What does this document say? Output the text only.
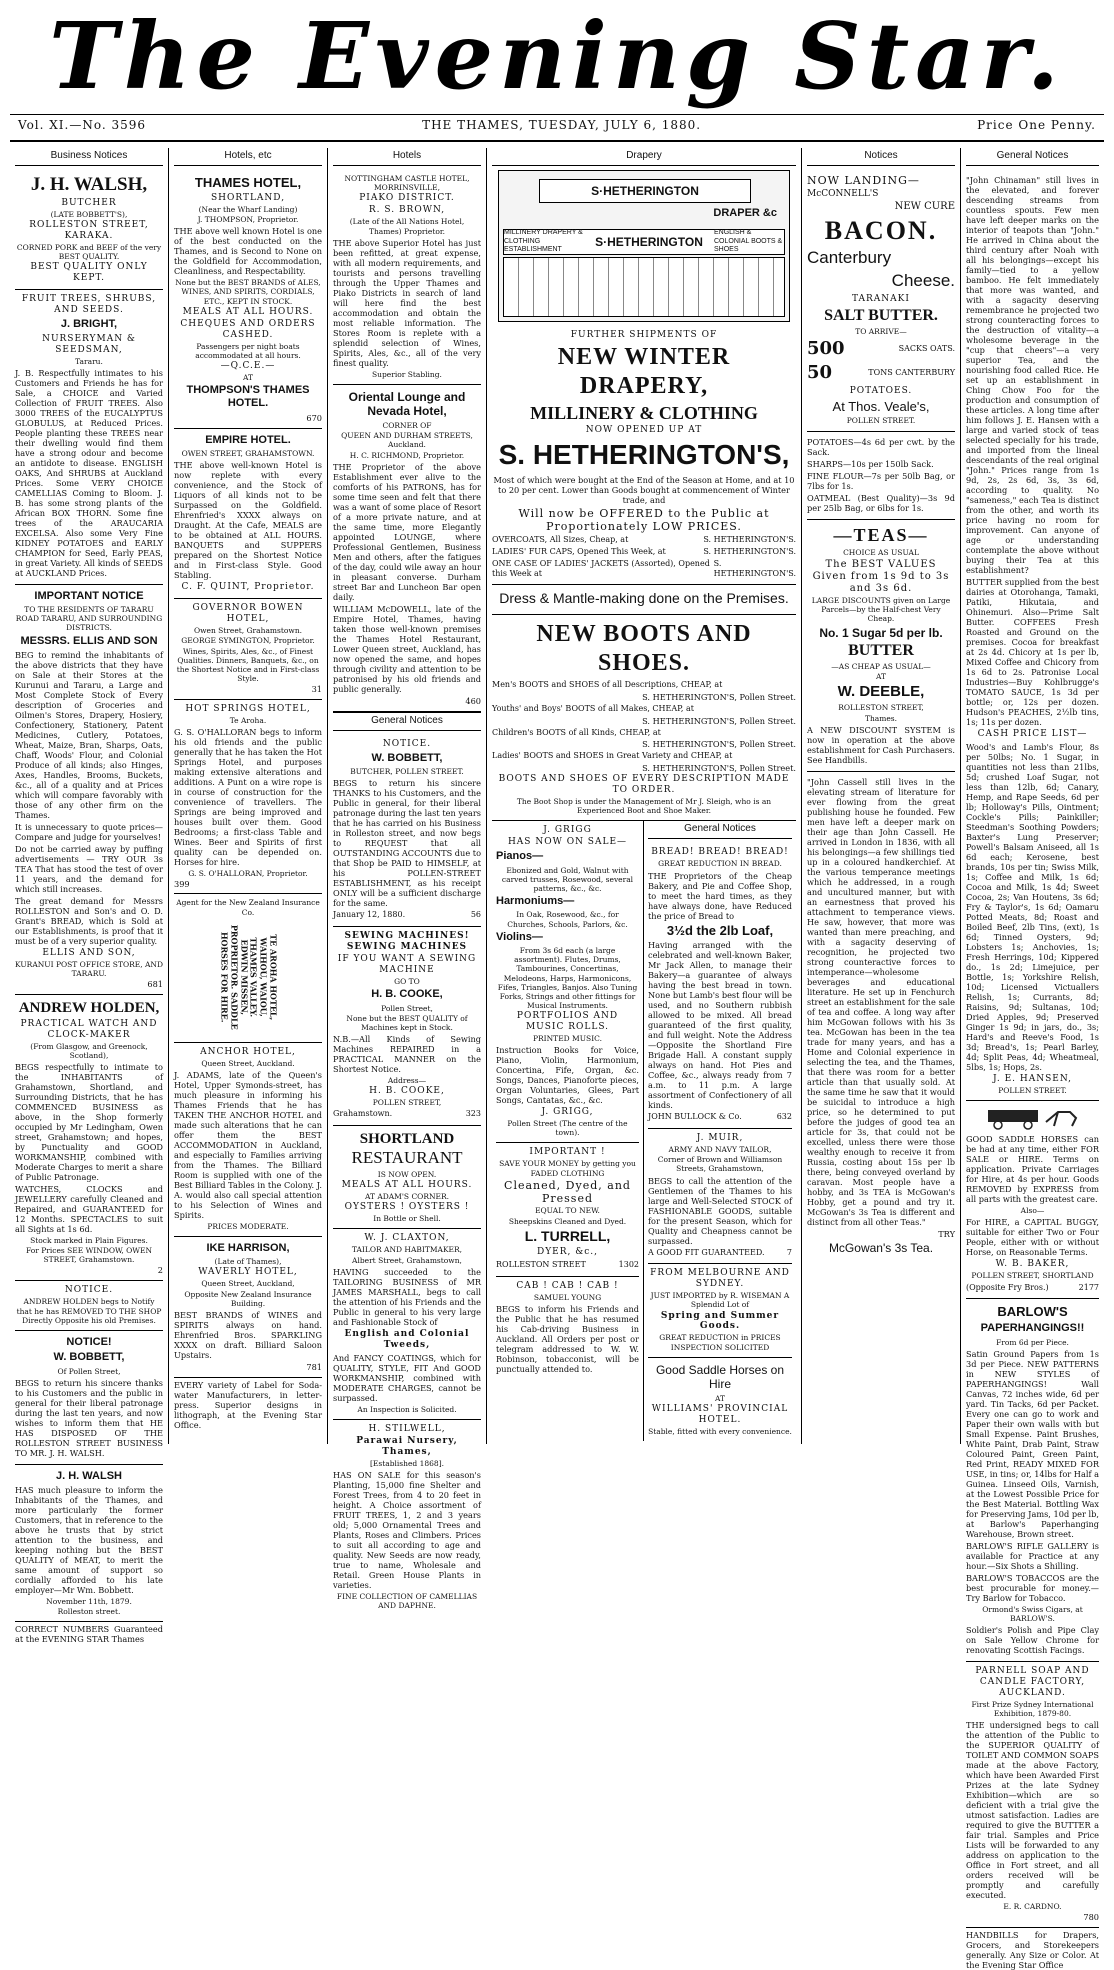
The Evening Star.
Vol. XI.—No. 3596	THE THAMES, TUESDAY, JULY 6, 1880.	Price One Penny.
Business Notices
J. H. WALSH,
BUTCHER
(LATE BOBBETT'S),
ROLLESTON STREET, KARAKA.
CORNED PORK and BEEF of the very BEST QUALITY.
BEST QUALITY ONLY KEPT.
FRUIT TREES, SHRUBS, AND SEEDS.
J. BRIGHT,
NURSERYMAN & SEEDSMAN,
Tararu.
J. B. Respectfully intimates to his Customers and Friends he has for Sale, a CHOICE and Varied Collection of FRUIT TREES. Also 3000 TREES of the EUCALYPTUS GLOBULUS, at Reduced Prices. People planting these TREES near their dwelling would find them have a strong odour and become an antidote to disease. ENGLISH OAKS, And SHRUBS at Auckland Prices. Some VERY CHOICE CAMELLIAS Coming to Bloom. J. B. has some strong plants of the African BOX THORN. Some fine trees of the ARAUCARIA EXCELSA. Also some Very Fine KIDNEY POTATOES and EARLY CHAMPION for Seed, Early PEAS, in great Variety. All kinds of SEEDS at AUCKLAND Prices.
IMPORTANT NOTICE
TO THE RESIDENTS OF TARARU ROAD TARARU, AND SURROUNDING DISTRICTS.
MESSRS. ELLIS AND SON
BEG to remind the inhabitants of the above districts that they have on Sale at their Stores at the Kurunui and Tararu, a Large and Most Complete Stock of Every description of Groceries and Oilmen's Stores, Drapery, Hosiery, Confectionery, Stationery, Patent Medicines, Cutlery, Potatoes, Wheat, Maize, Bran, Sharps, Oats, Chaff, Woods' Flour, and Colonial Produce of all kinds; also Hinges, Axes, Handles, Brooms, Buckets, &c., all of a quality and at Prices which will compare favorably with those of any other firm on the Thames.
It is unnecessary to quote prices—Compare and judge for yourselves!
Do not be carried away by puffing advertisements — TRY OUR 3s TEA That has stood the test of over 11 years, and the demand for which still increases.
The great demand for Messrs ROLLESTON and Son's and O. D. Grant's BREAD, which is Sold at our Establishments, is proof that it must be of a very superior quality.
ELLIS AND SON,
KURANUI POST OFFICE STORE, AND TARARU.
681
ANDREW HOLDEN,
PRACTICAL WATCH AND CLOCK-MAKER
(From Glasgow, and Greenock, Scotland),
BEGS respectfully to intimate to the INHABITANTS of Grahamstown, Shortland, and Surrounding Districts, that he has COMMENCED BUSINESS as above, in the Shop formerly occupied by Mr Ledingham, Owen street, Grahamstown; and hopes, by Punctuality and GOOD WORKMANSHIP, combined with Moderate Charges to merit a share of Public Patronage.
WATCHES, CLOCKS and JEWELLERY carefully Cleaned and Repaired, and GUARANTEED for 12 Months. SPECTACLES to suit all Sights at 1s 6d.
Stock marked in Plain Figures.
For Prices SEE WINDOW, OWEN STREET, Grahamstown.
2
NOTICE.
ANDREW HOLDEN begs to Notify that he has REMOVED TO THE SHOP Directly Opposite his old Premises.
NOTICE!
W. BOBBETT,
Of Pollen Street,
BEGS to return his sincere thanks to his Customers and the public in general for their liberal patronage during the last ten years, and now wishes to inform them that HE HAS DISPOSED OF THE ROLLESTON STREET BUSINESS TO MR. J. H. WALSH.
J. H. WALSH
HAS much pleasure to inform the Inhabitants of the Thames, and more particularly the former Customers, that in reference to the above he trusts that by strict attention to the business, and keeping nothing but the BEST QUALITY of MEAT, to merit the same amount of support so cordially afforded to his late employer—Mr Wm. Bobbett.
November 11th, 1879.
Rolleston street.
CORRECT NUMBERS Guaranteed at the EVENING STAR Thames
Hotels, etc
THAMES HOTEL,
SHORTLAND,
(Near the Wharf Landing)
J. THOMPSON, Proprietor.
THE above well known Hotel is one of the best conducted on the Thames, and is Second to None on the Goldfield for Accommodation, Cleanliness, and Respectability.
None but the BEST BRANDS of ALES, WINES, AND SPIRITS, CORDIALS, ETC., KEPT IN STOCK.
MEALS AT ALL HOURS.
CHEQUES AND ORDERS CASHED.
Passengers per night boats accommodated at all hours.
—Q.C.E.—
AT
THOMPSON'S THAMES HOTEL.
670
EMPIRE HOTEL.
OWEN STREET, GRAHAMSTOWN.
THE above well-known Hotel is now replete with every convenience, and the Stock of Liquors of all kinds not to be Surpassed on the Goldfield. Ehrenfried's XXXX always on Draught. At the Cafe, MEALS are to be obtained at ALL HOURS. BANQUETS and SUPPERS prepared on the Shortest Notice and in First-class Style. Good Stabling.
C. F. QUINT, Proprietor.
GOVERNOR BOWEN HOTEL,
Owen Street, Grahamstown.
GEORGE SYMINGTON, Proprietor.
Wines, Spirits, Ales, &c., of Finest Qualities. Dinners, Banquets, &c., on the Shortest Notice and in First-class Style.
31
HOT SPRINGS HOTEL,
Te Aroha.
G. S. O'HALLORAN begs to inform his old friends and the public generally that he has taken the Hot Springs Hotel, and purposes making extensive alterations and additions. A Punt on a wire rope is in course of construction for the convenience of travellers. The Springs are being improved and houses built over them. Good Bedrooms; a first-class Table and Wines. Beer and Spirits of first quality can be depended on. Horses for hire.
G. S. O'HALLORAN, Proprietor.
399
Agent for the New Zealand Insurance Co.
TE AROHA HOTEL, WAIHOU, WAIOU, THAMES VALLEY. EDWIN MISSEN, PROPRIETOR. SADDLE HORSES FOR HIRE.
ANCHOR HOTEL,
Queen Street, Auckland.
J. ADAMS, late of the Queen's Hotel, Upper Symonds-street, has much pleasure in informing his Thames Friends that he has TAKEN THE ANCHOR HOTEL and made such alterations that he can offer them the BEST ACCOMMODATION in Auckland, and especially to Families arriving from the Thames. The Billiard Room is supplied with one of the Best Billiard Tables in the Colony. J. A. would also call special attention to his Selection of Wines and Spirits.
PRICES MODERATE.
IKE HARRISON,
(Late of Thames),
WAVERLY HOTEL,
Queen Street, Auckland,
Opposite New Zealand Insurance Building.
BEST BRANDS of WINES and SPIRITS always on hand. Ehrenfried Bros. SPARKLING XXXX on draft. Billiard Saloon Upstairs.
781
EVERY variety of Label for Soda-water Manufacturers, in letter-press. Superior designs in lithograph, at the Evening Star Office.
Hotels
NOTTINGHAM CASTLE HOTEL, MORRINSVILLE,
PIAKO DISTRICT.
R. S. BROWN,
(Late of the All Nations Hotel, Thames) Proprietor.
THE above Superior Hotel has just been refitted, at great expense, with all modern requirements, and tourists and persons travelling through the Upper Thames and Piako Districts in search of land will here find the best accommodation and obtain the most reliable information. The Stores Room is replete with a splendid selection of Wines, Spirits, Ales, &c., all of the very finest quality.
Superior Stabling.
Oriental Lounge and Nevada Hotel,
CORNER OF
QUEEN AND DURHAM STREETS, Auckland.
H. C. RICHMOND, Proprietor.
THE Proprietor of the above Establishment ever alive to the comforts of his PATRONS, has for some time seen and felt that there was a want of some place of Resort of a more private nature, and at the same time, more Elegantly appointed LOUNGE, where Professional Gentlemen, Business Men and others, after the fatigues of the day, could wile away an hour in pleasant converse. Durham street Bar and Luncheon Bar open daily.
WILLIAM McDOWELL, late of the Empire Hotel, Thames, having taken those well-known premises the Thames Hotel Restaurant, Lower Queen street, Auckland, has now opened the same, and hopes through civility and attention to be patronised by his old friends and public generally.
460
General Notices
NOTICE.
W. BOBBETT,
BUTCHER, POLLEN STREET.
BEGS to return his sincere THANKS to his Customers, and the Public in general, for their liberal patronage during the last ten years that he has carried on his Business in Rolleston street, and now begs to REQUEST that all OUTSTANDING ACCOUNTS due to that Shop be PAID to HIMSELF, at his POLLEN-STREET ESTABLISHMENT, as his receipt ONLY will be a sufficient discharge for the same.
January 12, 1880.	56
SEWING MACHINES! SEWING MACHINES
IF YOU WANT A SEWING MACHINE
GO TO
H. B. COOKE,
Pollen Street,
None but the BEST QUALITY of Machines kept in Stock.
N.B.—All Kinds of Sewing Machines REPAIRED in a PRACTICAL MANNER on the Shortest Notice.
Address—
H. B. COOKE,
POLLEN STREET,
Grahamstown.	323
SHORTLAND
RESTAURANT
IS NOW OPEN.
MEALS AT ALL HOURS.
AT ADAM'S CORNER.
OYSTERS ! OYSTERS !
In Bottle or Shell.
W. J. CLAXTON,
TAILOR AND HABITMAKER,
Albert Street, Grahamstown,
HAVING succeeded to the TAILORING BUSINESS of MR JAMES MARSHALL, begs to call the attention of his Friends and the Public in general to his very large and Fashionable Stock of
English and Colonial Tweeds,
And FANCY COATINGS, which for QUALITY, STYLE, FIT And GOOD WORKMANSHIP, combined with MODERATE CHARGES, cannot be surpassed.
An Inspection is Solicited.
H. STILWELL,
Parawai Nursery, Thames,
[Established 1868].
HAS ON SALE for this season's Planting, 15,000 fine Shelter and Forest Trees, from 4 to 20 feet in height. A Choice assortment of FRUIT TREES, 1, 2 and 3 years old; 5,000 Ornamental Trees and Plants, Roses and Climbers. Prices to suit all according to age and quality. New Seeds are now ready, true to name, Wholesale and Retail. Green House Plants in varieties.
FINE COLLECTION OF CAMELLIAS AND DAPHNE.
Drapery
S·HETHERINGTON
DRAPER &c
MILLINERY DRAPERY & CLOTHING ESTABLISHMENT
S·HETHERINGTON
ENGLISH & COLONIAL BOOTS & SHOES
FURTHER SHIPMENTS OF
NEW WINTER DRAPERY,
MILLINERY & CLOTHING
NOW OPENED UP AT
S. HETHERINGTON'S,
Most of which were bought at the End of the Season at Home, and at 10 to 20 per cent. Lower than Goods bought at commencement of Winter trade, and
Will now be OFFERED to the Public at Proportionately LOW PRICES.
OVERCOATS, All Sizes, Cheap, at	S. HETHERINGTON'S.
LADIES' FUR CAPS, Opened This Week, at	S. HETHERINGTON'S.
ONE CASE OF LADIES' JACKETS (Assorted), Opened this Week at
S. HETHERINGTON'S.
Dress & Mantle-making done on the Premises.
NEW BOOTS AND SHOES.
Men's BOOTS and SHOES of all Descriptions, CHEAP, at
S. HETHERINGTON'S, Pollen Street.
Youths' and Boys' BOOTS of all Makes, CHEAP, at
S. HETHERINGTON'S, Pollen Street.
Children's BOOTS of all Kinds, CHEAP, at
S. HETHERINGTON'S, Pollen Street.
Ladies' BOOTS and SHOES in Great Variety and CHEAP, at
S. HETHERINGTON'S, Pollen Street.
BOOTS AND SHOES OF EVERY DESCRIPTION MADE TO ORDER.
The Boot Shop is under the Management of Mr J. Sleigh, who is an Experienced Boot and Shoe Maker.
J. GRIGG
HAS NOW ON SALE—
Pianos—
Ebonized and Gold, Walnut with carved trusses, Rosewood, several patterns, &c., &c.
Harmoniums—
In Oak, Rosewood, &c., for Churches, Schools, Parlors, &c.
Violins—
From 3s 6d each (a large assortment). Flutes, Drums, Tambourines, Concertinas, Melodeons, Harps, Harmonicons, Fifes, Triangles, Banjos. Also Tuning Forks, Strings and other fittings for Musical Instruments.
PORTFOLIOS AND MUSIC ROLLS.
PRINTED MUSIC.
Instruction Books for Voice, Piano, Violin, Harmonium, Concertina, Fife, Organ, &c. Songs, Dances, Pianoforte pieces, Organ Voluntaries, Glees, Part Songs, Cantatas, &c., &c.
J. GRIGG,
Pollen Street (The centre of the town).
IMPORTANT !
SAVE YOUR MONEY by getting you FADED CLOTHING
Cleaned, Dyed, and Pressed
EQUAL TO NEW.
Sheepskins Cleaned and Dyed.
L. TURRELL,
DYER, &c.,
ROLLESTON STREET	1302
CAB ! CAB ! CAB !
SAMUEL YOUNG
BEGS to inform his Friends and the Public that he has resumed his Cab-driving Business in Auckland. All Orders per post or telegram addressed to W. W. Robinson, tobacconist, will be punctually attended to.
General Notices
BREAD! BREAD! BREAD!
GREAT REDUCTION IN BREAD.
THE Proprietors of the Cheap Bakery, and Pie and Coffee Shop, to meet the hard times, as they have always done, have Reduced the price of Bread to
3½d the 2lb Loaf,
Having arranged with the celebrated and well-known Baker, Mr Jack Allen, to manage their Bakery—a guarantee of always having the best bread in town. None but Lamb's best flour will be used, and no Southern rubbish allowed to be mixed. All bread guaranteed of the first quality, and full weight. Note the Address—Opposite the Shortland Fire Brigade Hall. A constant supply always on hand. Hot Pies and Coffee, &c., always ready from 7 a.m. to 11 p.m. A large assortment of Confectionery of all kinds.
JOHN BULLOCK & Co.	632
J. MUIR,
ARMY AND NAVY TAILOR,
Corner of Brown and Williamson Streets, Grahamstown,
BEGS to call the attention of the Gentlemen of the Thames to his large and Well-Selected STOCK of FASHIONABLE GOODS, suitable for the present Season, which for Quality and Cheapness cannot be surpassed.
A GOOD FIT GUARANTEED.	7
FROM MELBOURNE AND SYDNEY.
JUST IMPORTED by R. WISEMAN A Splendid Lot of
Spring and Summer Goods.
GREAT REDUCTION in PRICES INSPECTION SOLICITED
Good Saddle Horses on Hire
AT
WILLIAMS' PROVINCIAL HOTEL.
Stable, fitted with every convenience.
Notices
NOW LANDING—
McCONNELL'S
NEW CURE
BACON.
Canterbury
Cheese.
TARANAKI
SALT BUTTER.
TO ARRIVE—
500	SACKS OATS.
50	TONS CANTERBURY
POTATOES.
At Thos. Veale's,
POLLEN STREET.
POTATOES—4s 6d per cwt. by the Sack.
SHARPS—10s per 150lb Sack.
FINE FLOUR—7s per 50lb Bag, or 7lbs for 1s.
OATMEAL (Best Quality)—3s 9d per 25lb Bag, or 6lbs for 1s.
—TEAS—
CHOICE AS USUAL
The BEST VALUES Given from 1s 9d to 3s and 3s 6d.
LARGE DISCOUNTS given on Large Parcels—by the Half-chest Very Cheap.
No. 1 Sugar 5d per lb.
BUTTER
—AS CHEAP AS USUAL—
AT
W. DEEBLE,
ROLLESTON STREET,
Thames.
A NEW DISCOUNT SYSTEM is now in operation at the above establishment for Cash Purchasers. See Handbills.
"John Cassell still lives in the elevating stream of literature for ever flowing from the great publishing house he founded. Few men have left a deeper mark on their age than John Cassell. He arrived in London in 1836, with all his belongings—a few shillings tied up in a coloured handkerchief. At the various temperance meetings which he addressed, in a rough and uncultured manner, but with an earnestness that proved his attachment to temperance views. He saw, however, that more was wanted than mere preaching, and with a sagacity deserving of recognition, he projected two strong counteractive forces to intemperance—wholesome beverages and educational literature. He set up in Fenchurch street an establishment for the sale of tea and coffee. A long way after him McGowan follows with his 3s tea. McGowan has been in the tea trade for many years, and has a Home and Colonial experience in selecting the tea, and the Thames, that there was room for a better article than that usually sold. At the same time he saw that it would be suicidal to introduce a high price, so he determined to put before the judges of good tea an article for 3s, that could not be excelled, unless there were those wealthy enough to receive it from Russia, costing about 15s per lb there, being conveyed overland by caravan. Most people have a hobby, and 3s TEA is McGowan's Hobby, get a pound and try it. McGowan's 3s Tea is different and distinct from all other Teas."
TRY
McGowan's 3s Tea.
General Notices
"John Chinaman" still lives in the elevated, and forever descending streams from countless spouts. Few men have left deeper marks on the interior of teapots than "John." He arrived in China about the third century after Noah with all his belongings—except his family—tied to a yellow bamboo. He felt immediately that more was wanted, and with a sagacity deserving remembrance he projected two strong counteracting forces to the destruction of vitality—a wholesome beverage in the "cup that cheers"—a very superior Tea, and the nourishing food called Rice. He set up an establishment in Ching Chow Foo for the production and consumption of these articles. A long time after him follows J. E. Hansen with a large and varied stock of teas selected specially for his trade, and imported from the lineal descendants of the real original "John." Prices range from 1s 9d, 2s, 2s 6d, 3s, 3s 6d, according to quality. No "sameness," each Tea is distinct from the other, and worth its price having no room for improvement. Can anyone of age or understanding contemplate the above without buying their Tea at this establishment?
BUTTER supplied from the best dairies at Otorohanga, Tamaki, Patiki, Hikutaia, and Ohinemuri. Also—Prime Salt Butter. COFFEES Fresh Roasted and Ground on the premises. Cocoa for breakfast at 2s 4d. Chicory at 1s per lb, Mixed Coffee and Chicory from 1s 6d to 2s. Patronise Local Industries—Buy Kohlbrugge's TOMATO SAUCE, 1s 3d per bottle; or, 12s per dozen. Hudson's PEACHES, 2½lb tins, 1s; 11s per dozen.
CASH PRICE LIST—
Wood's and Lamb's Flour, 8s per 50lbs; No. 1 Sugar, in quantities not less than 21lbs, 5d; crushed Loaf Sugar, not less than 12lb, 6d; Canary, Hemp, and Rape Seeds, 6d per lb; Holloway's Pills, Ointment; Cockle's Pills; Painkiller; Steedman's Soothing Powders; Baxter's Lung Preserver; Powell's Balsam Aniseed, all 1s 6d each; Kerosene, best brands, 10s per tin; Swiss Milk, 1s; Coffee and Milk, 1s 6d; Cocoa and Milk, 1s 4d; Sweet Cocoa, 2s; Van Houtens, 3s 6d; Fry & Taylor's, 1s 6d; Oamaru Potted Meats, 8d; Roast and Boiled Beef, 2lb Tins, (ext), 1s 6d; Tinned Oysters, 9d; Lobsters 1s; Anchovies, 1s; Fresh Herrings, 10d; Kippered do., 1s 2d; Limejuice, per Bottle, 1s; Yorkshire Relish, 10d; Licensed Victuallers Relish, 1s; Currants, 8d; Raisins, 9d; Sultanas, 10d; Dried Apples, 9d; Preserved Ginger 1s 9d; in jars, do., 3s; Hard's and Reeve's Food, 1s 3d; Bread's, 1s; Pearl Barley, 4d; Split Peas, 4d; Wheatmeal, 5lbs, 1s; Hops, 2s.
J. E. HANSEN,
POLLEN STREET.
GOOD SADDLE HORSES can be had at any time, either FOR SALE or HIRE. Terms on application. Private Carriages for Hire, at 4s per hour. Goods REMOVED by EXPRESS from all parts with the greatest care.
Also—
For HIRE, a CAPITAL BUGGY, suitable for either Two or Four People, either with or without Horse, on Reasonable Terms.
W. B. BAKER,
POLLEN STREET, SHORTLAND
(Opposite Fry Bros.)	2177
BARLOW'S
PAPERHANGINGS!!
From 6d per Piece.
Satin Ground Papers from 1s 3d per Piece. NEW PATTERNS in NEW STYLES of PAPERHANGINGS! Wall Canvas, 72 inches wide, 6d per yard. Tin Tacks, 6d per Packet. Every one can go to work and Paper their own walls with but Small Expense. Paint Brushes, White Paint, Drab Paint, Straw Coloured Paint, Green Paint, Red Print, READY MIXED FOR USE, in tins; or, 14lbs for Half a Guinea. Linseed Oils, Varnish, at the Lowest Possible Price for the Best Material. Bottling Wax for Preserving Jams, 10d per lb, at Barlow's Paperhanging Warehouse, Brown street.
BARLOW'S RIFLE GALLERY is available for Practice at any hour.—Six Shots a Shilling.
BARLOW'S TOBACCOS are the best procurable for money.—Try Barlow for Tobacco.
Ormond's Swiss Cigars, at BARLOW'S.
Soldier's Polish and Pipe Clay on Sale Yellow Chrome for renovating Scottish Facings.
PARNELL SOAP AND CANDLE FACTORY, AUCKLAND.
First Prize Sydney International Exhibition, 1879-80.
THE undersigned begs to call the attention of the Public to the SUPERIOR QUALITY of TOILET AND COMMON SOAPS made at the above Factory, which have been Awarded First Prizes at the late Sydney Exhibition—which are so deficient with a trial give the utmost satisfaction. Ladies are required to give the BUTTER a fair trial. Samples and Price Lists will be forwarded to any address on application to the Office in Fort street, and all orders received will be promptly and carefully executed.
E. R. CARDNO.
780
HANDBILLS for Drapers, Grocers, and Storekeepers generally. Any Size or Color. At the Evening Star Office
